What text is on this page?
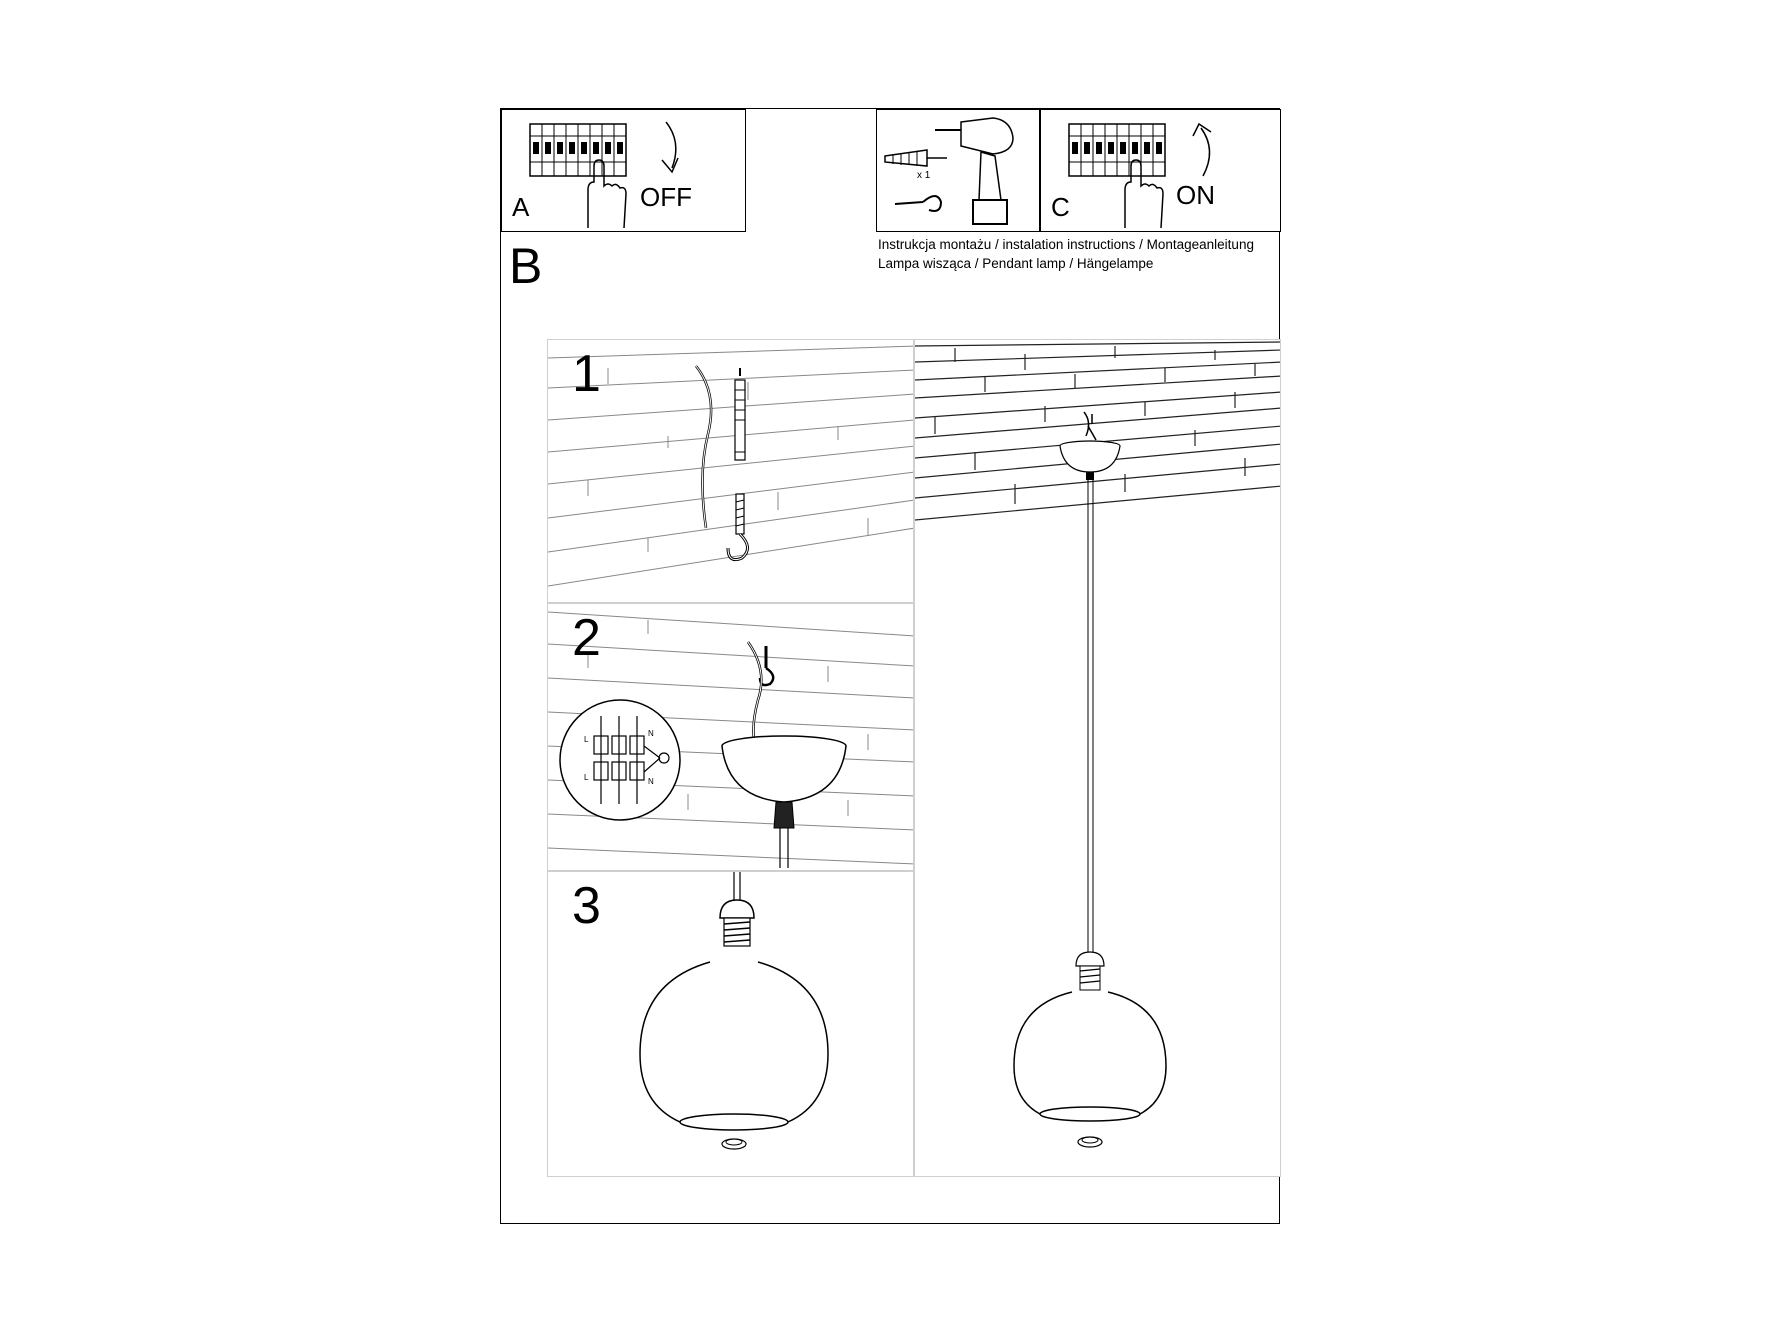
A	OFF
x 1
C	ON
Instrukcja montażu / instalation instructions / Montageanleitung
Lampa wisząca / Pendant lamp / Hängelampe
B
1
L
N
L	N
2
3
